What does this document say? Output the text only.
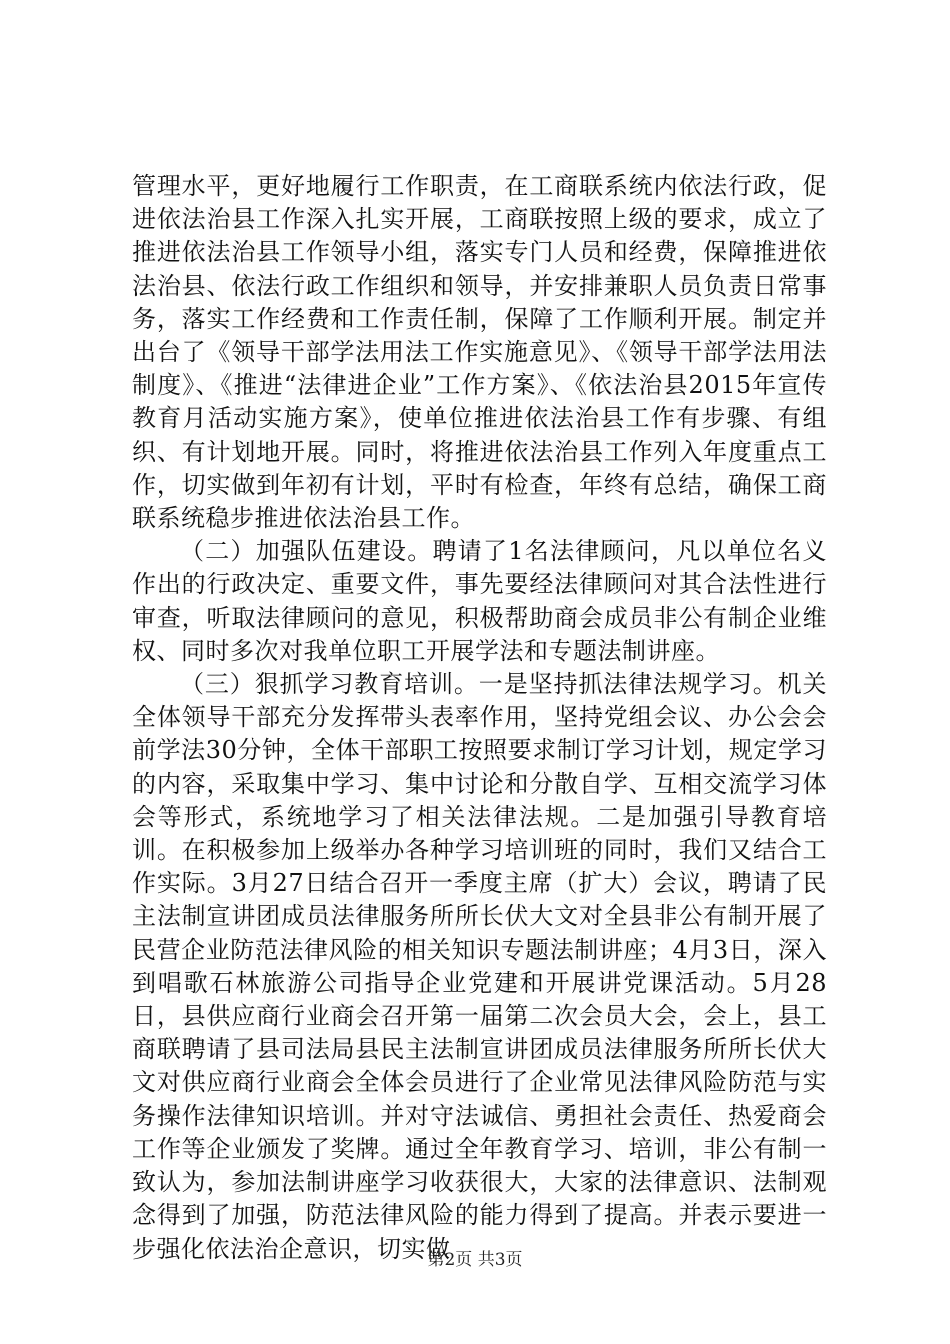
管理水平，更好地履行工作职责，在工商联系统内依法行政，促进依法治县工作深入扎实开展，工商联按照上级的要求，成立了推进依法治县工作领导小组，落实专门人员和经费，保障推进依法治县、依法行政工作组织和领导，并安排兼职人员负责日常事务，落实工作经费和工作责任制，保障了工作顺利开展。制定并出台了《领导干部学法用法工作实施意见》、《领导干部学法用法制度》、《推进“法律进企业”工作方案》、《依法治县2015年宣传教育月活动实施方案》，使单位推进依法治县工作有步骤、有组织、有计划地开展。同时，将推进依法治县工作列入年度重点工作，切实做到年初有计划，平时有检查，年终有总结，确保工商联系统稳步推进依法治县工作。

（二）加强队伍建设。聘请了1名法律顾问，凡以单位名义作出的行政决定、重要文件，事先要经法律顾问对其合法性进行审查，听取法律顾问的意见，积极帮助商会成员非公有制企业维权、同时多次对我单位职工开展学法和专题法制讲座。

（三）狠抓学习教育培训。一是坚持抓法律法规学习。机关全体领导干部充分发挥带头表率作用，坚持党组会议、办公会会前学法30分钟，全体干部职工按照要求制订学习计划，规定学习的内容，采取集中学习、集中讨论和分散自学、互相交流学习体会等形式，系统地学习了相关法律法规。二是加强引导教育培训。在积极参加上级举办各种学习培训班的同时，我们又结合工作实际。3月27日结合召开一季度主席（扩大）会议，聘请了民主法制宣讲团成员法律服务所所长伏大文对全县非公有制开展了民营企业防范法律风险的相关知识专题法制讲座；4月3日，深入到唱歌石林旅游公司指导企业党建和开展讲党课活动。5月28日，县供应商行业商会召开第一届第二次会员大会，会上，县工商联聘请了县司法局县民主法制宣讲团成员法律服务所所长伏大文对供应商行业商会全体会员进行了企业常见法律风险防范与实务操作法律知识培训。并对守法诚信、勇担社会责任、热爱商会工作等企业颁发了奖牌。通过全年教育学习、培训，非公有制一致认为，参加法制讲座学习收获很大，大家的法律意识、法制观念得到了加强，防范法律风险的能力得到了提高。并表示要进一步强化依法治企意识，切实做

第2页 共3页
